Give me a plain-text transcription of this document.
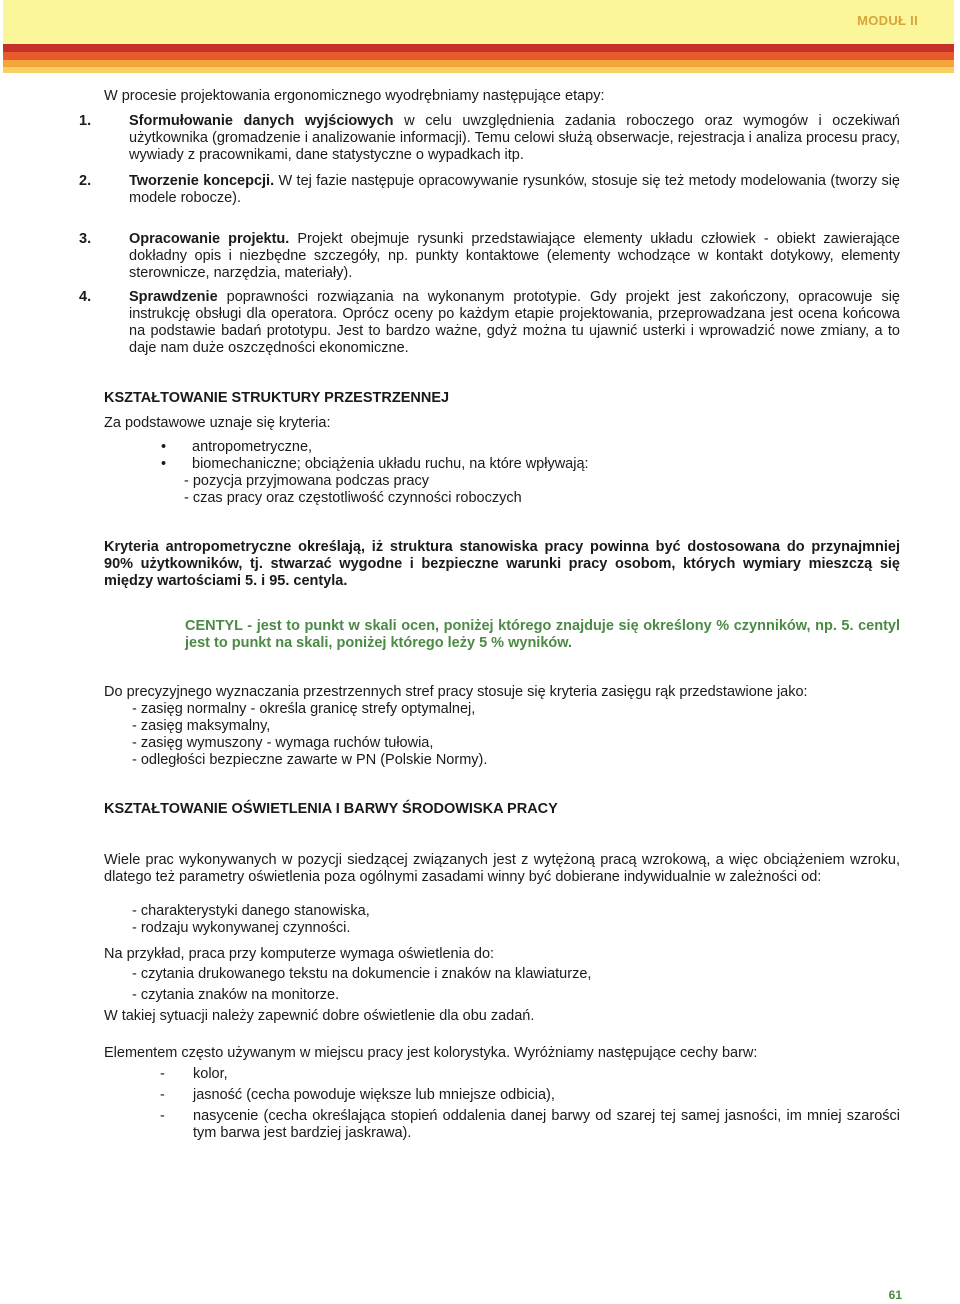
MODUŁ II

W procesie projektowania ergonomicznego wyodrębniamy następujące etapy:

1.	Sformułowanie danych wyjściowych w celu uwzględnienia zadania roboczego oraz wymogów i oczekiwań użytkownika (gromadzenie i analizowanie informacji). Temu celowi służą obserwacje, rejestracja i analiza procesu pracy, wywiady z pracownikami, dane statystyczne o wypadkach itp.
2.	Tworzenie koncepcji. W tej fazie następuje opracowywanie rysunków, stosuje się też metody modelowania (tworzy się modele robocze).
3.	Opracowanie projektu. Projekt obejmuje rysunki przedstawiające elementy układu człowiek - obiekt zawierające dokładny opis i niezbędne szczegóły, np. punkty kontaktowe (elementy wchodzące w kontakt dotykowy, elementy sterownicze, narzędzia, materiały).
4.	Sprawdzenie poprawności rozwiązania na wykonanym prototypie. Gdy projekt jest zakończony, opracowuje się instrukcję obsługi dla operatora. Oprócz oceny po każdym etapie projektowania, przeprowadzana jest ocena końcowa na podstawie badań prototypu. Jest to bardzo ważne, gdyż można tu ujawnić usterki i wprowadzić nowe zmiany, a to daje nam duże oszczędności ekonomiczne.

KSZTAŁTOWANIE STRUKTURY PRZESTRZENNEJ

Za podstawowe uznaje się kryteria:

• antropometryczne,
• biomechaniczne; obciążenia układu ruchu, na które wpływają:
- pozycja przyjmowana podczas pracy
- czas pracy oraz częstotliwość czynności roboczych

Kryteria antropometryczne określają, iż struktura stanowiska pracy powinna być dostosowana do przynajmniej 90% użytkowników, tj. stwarzać wygodne i bezpieczne warunki pracy osobom, których wymiary mieszczą się między wartościami 5. i 95. centyla.

CENTYL - jest to punkt w skali ocen, poniżej którego znajduje się określony % czynników, np. 5. centyl jest to punkt na skali, poniżej którego leży 5 % wyników.

Do precyzyjnego wyznaczania przestrzennych stref pracy stosuje się kryteria zasięgu rąk przedstawione jako:

- zasięg normalny - określa granicę strefy optymalnej,
- zasięg maksymalny,
- zasięg wymuszony - wymaga ruchów tułowia,
- odległości bezpieczne zawarte w PN (Polskie Normy).

KSZTAŁTOWANIE OŚWIETLENIA I BARWY ŚRODOWISKA PRACY

Wiele prac wykonywanych w pozycji siedzącej związanych jest z wytężoną pracą wzrokową, a więc obciążeniem wzroku, dlatego też parametry oświetlenia poza ogólnymi zasadami winny być dobierane indywidualnie w zależności od:

- charakterystyki danego stanowiska,
- rodzaju wykonywanej czynności.

Na przykład, praca przy komputerze wymaga oświetlenia do:

- czytania drukowanego tekstu na dokumencie i znaków na klawiaturze,
- czytania znaków na monitorze.

W takiej sytuacji należy zapewnić dobre oświetlenie dla obu zadań.

Elementem często używanym w miejscu pracy jest kolorystyka. Wyróżniamy następujące cechy barw:

- kolor,
- jasność (cecha powoduje większe lub mniejsze odbicia),
- nasycenie (cecha określająca stopień oddalenia danej barwy od szarej tej samej jasności, im mniej szarości tym barwa jest bardziej jaskrawa).
61
